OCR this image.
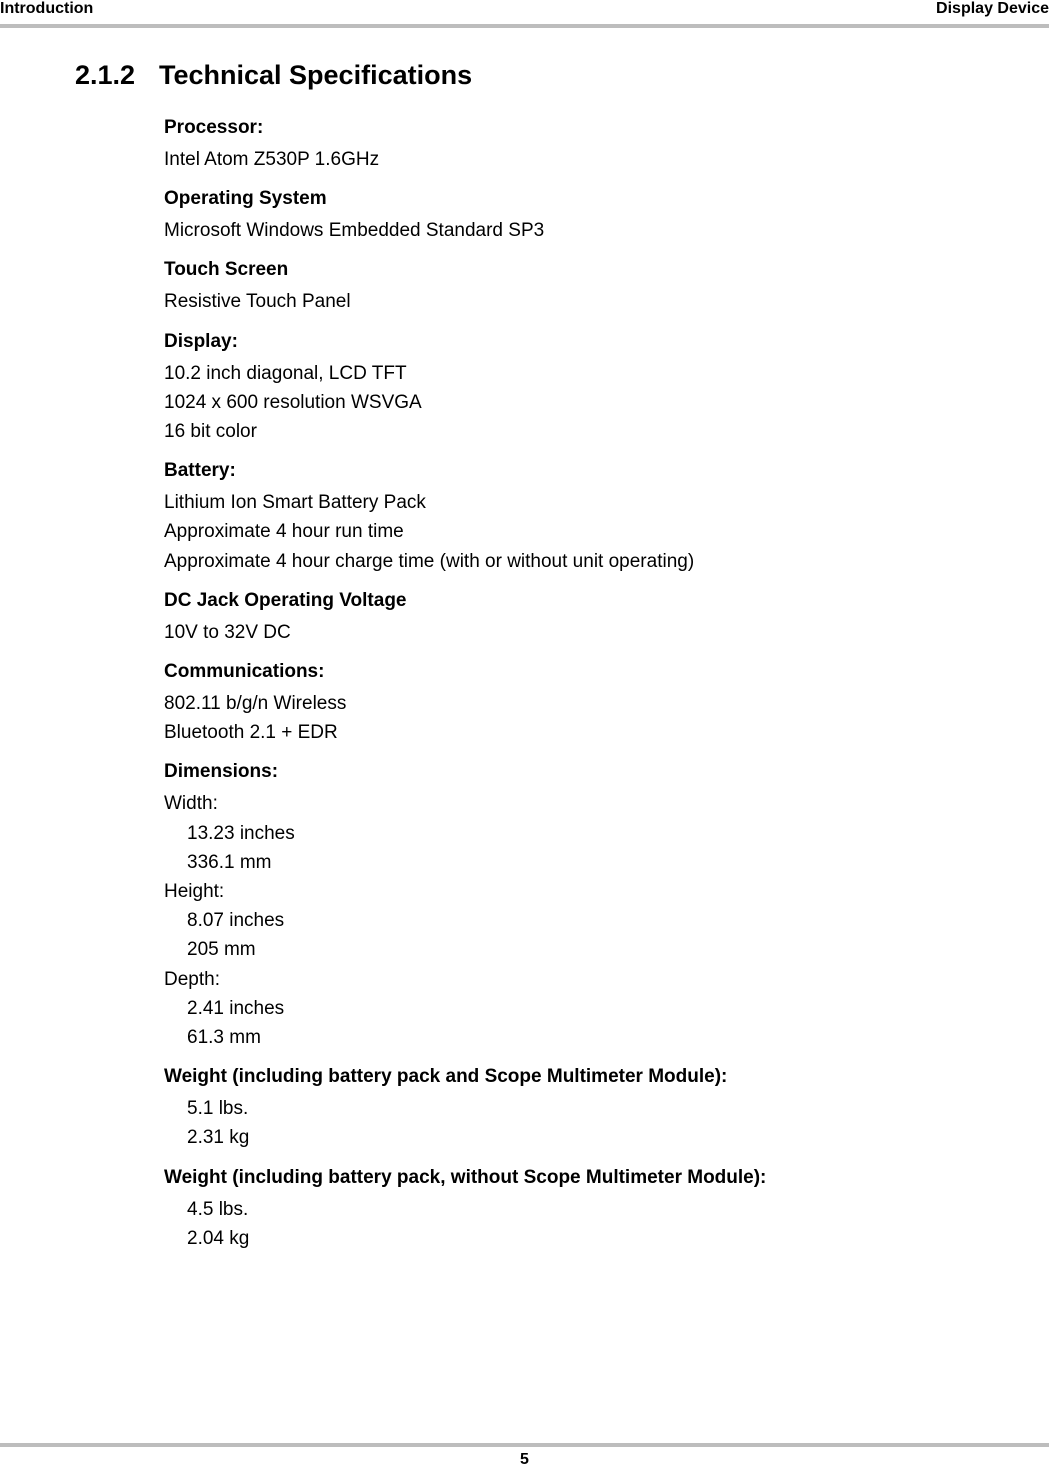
Introduction	Display Device
2.1.2 Technical Specifications
Processor:
Intel Atom Z530P 1.6GHz
Operating System
Microsoft Windows Embedded Standard SP3
Touch Screen
Resistive Touch Panel
Display:
10.2 inch diagonal, LCD TFT
1024 x 600 resolution WSVGA
16 bit color
Battery:
Lithium Ion Smart Battery Pack
Approximate 4 hour run time
Approximate 4 hour charge time (with or without unit operating)
DC Jack Operating Voltage
10V to 32V DC
Communications:
802.11 b/g/n Wireless
Bluetooth 2.1 + EDR
Dimensions:
Width:
13.23 inches
336.1 mm
Height:
8.07 inches
205 mm
Depth:
2.41 inches
61.3 mm
Weight (including battery pack and Scope Multimeter Module):
5.1 lbs.
2.31 kg
Weight (including battery pack, without Scope Multimeter Module):
4.5 lbs.
2.04 kg
5
